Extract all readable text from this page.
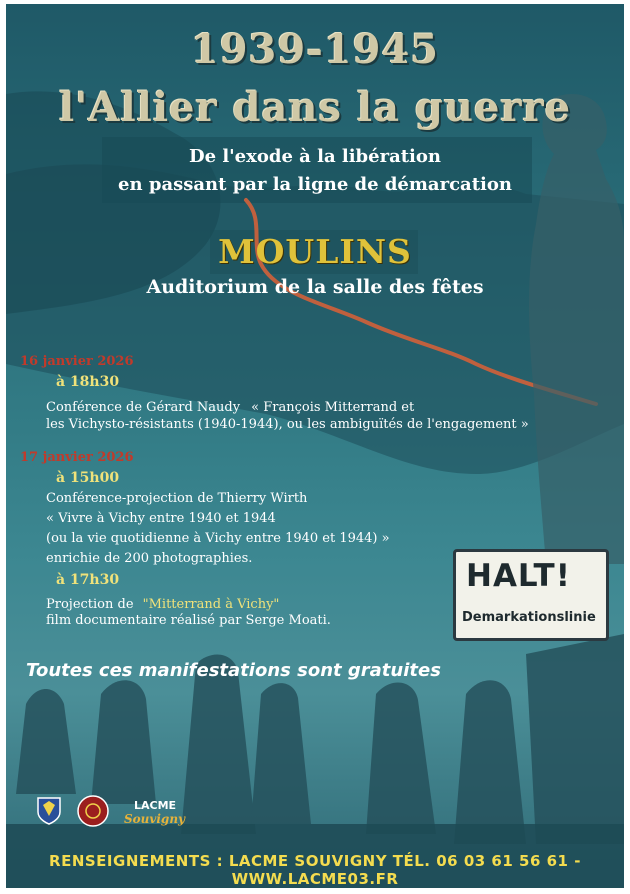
1939-1945
l'Allier dans la guerre
De l'exode à la libération
en passant par la ligne de démarcation
MOULINS
Auditorium de la salle des fêtes
16 janvier 2026
à 18h30
Conférence de Gérard Naudy « François Mitterrand et
les Vichysto-résistants (1940-1944), ou les ambiguïtés de l'engagement »
17 janvier 2026
à 15h00
Conférence-projection de Thierry Wirth
« Vivre à Vichy entre 1940 et 1944
(ou la vie quotidienne à Vichy entre 1940 et 1944) »
enrichie de 200 photographies.
à 17h30
Projection de "Mitterrand à Vichy"
film documentaire réalisé par Serge Moati.
HALT!
Demarkationslinie
Toutes ces manifestations sont gratuites
LACME
Souvigny
RENSEIGNEMENTS : LACME SOUVIGNY TÉL. 06 03 61 56 61 - WWW.LACME03.FR
